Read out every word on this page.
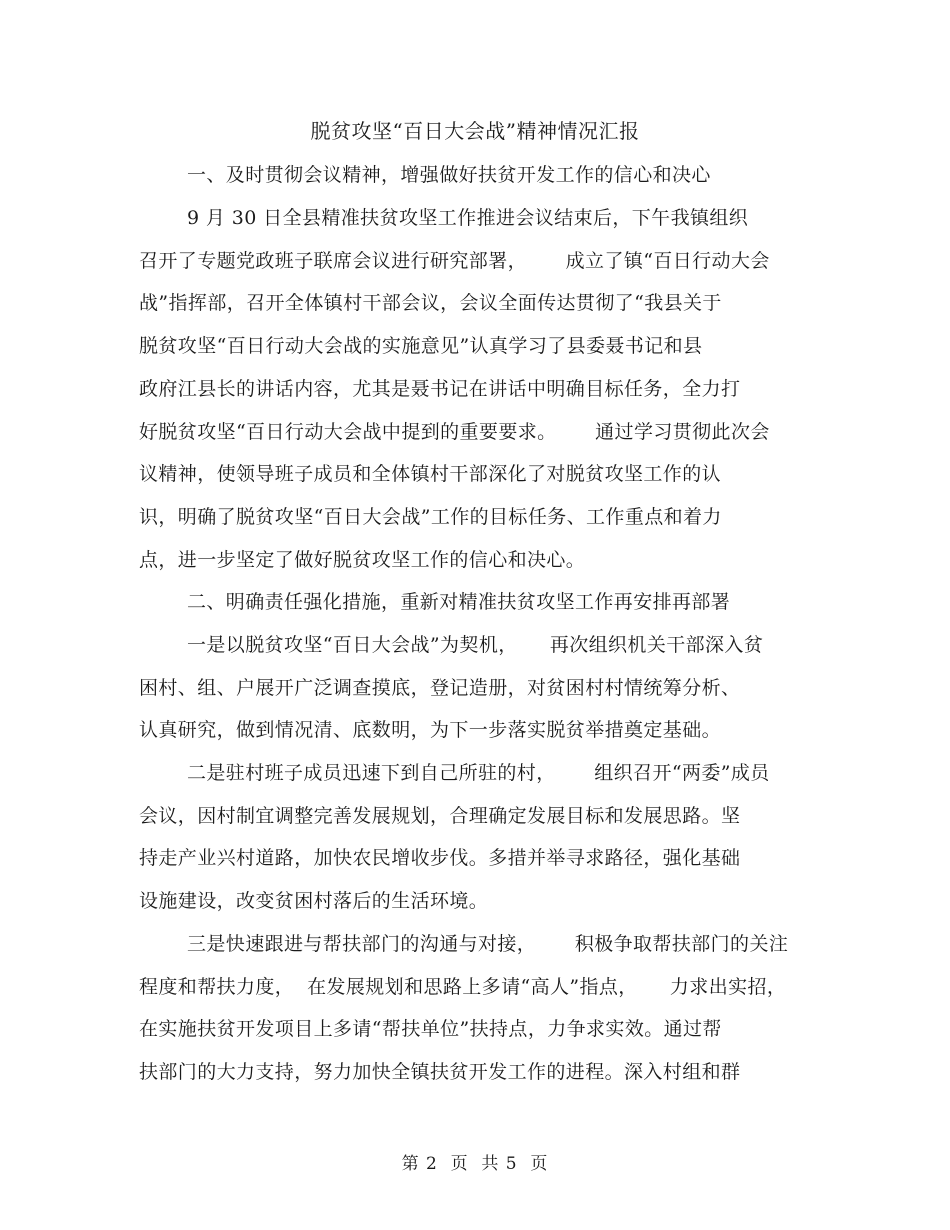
脱贫攻坚“百日大会战”精神情况汇报
一、及时贯彻会议精神，增强做好扶贫开发工作的信心和决心
9 月 30 日全县精准扶贫攻坚工作推进会议结束后，下午我镇组织
召开了专题党政班子联席会议进行研究部署，      成立了镇“百日行动大会
战”指挥部，召开全体镇村干部会议，会议全面传达贯彻了“我县关于
脱贫攻坚“百日行动大会战的实施意见”认真学习了县委聂书记和县
政府江县长的讲话内容，尤其是聂书记在讲话中明确目标任务，全力打
好脱贫攻坚“百日行动大会战中提到的重要要求。      通过学习贯彻此次会
议精神，使领导班子成员和全体镇村干部深化了对脱贫攻坚工作的认
识，明确了脱贫攻坚“百日大会战”工作的目标任务、工作重点和着力
点，进一步坚定了做好脱贫攻坚工作的信心和决心。
二、明确责任强化措施，重新对精准扶贫攻坚工作再安排再部署
一是以脱贫攻坚“百日大会战”为契机，     再次组织机关干部深入贫
困村、组、户展开广泛调查摸底，登记造册，对贫困村村情统筹分析、
认真研究，做到情况清、底数明，为下一步落实脱贫举措奠定基础。
二是驻村班子成员迅速下到自己所驻的村，      组织召开“两委”成员
会议，因村制宜调整完善发展规划，合理确定发展目标和发展思路。坚
持走产业兴村道路，加快农民增收步伐。多措并举寻求路径，强化基础
设施建设，改变贫困村落后的生活环境。
三是快速跟进与帮扶部门的沟通与对接，      积极争取帮扶部门的关注
程度和帮扶力度，  在发展规划和思路上多请“高人”指点，     力求出实招，
在实施扶贫开发项目上多请“帮扶单位”扶持点，力争求实效。通过帮
扶部门的大力支持，努力加快全镇扶贫开发工作的进程。深入村组和群
第 2  页  共 5  页
